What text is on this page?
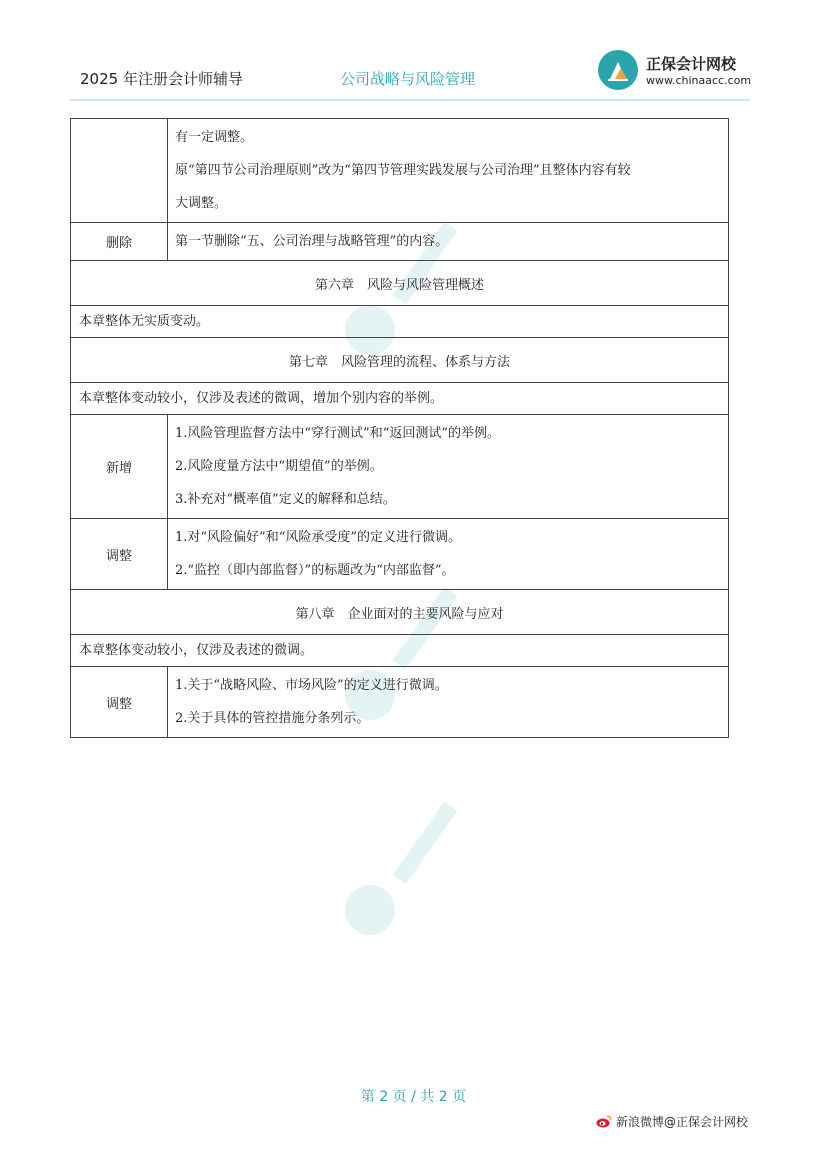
2025 年注册会计师辅导	公司战略与风险管理
正保会计网校
www.chinaacc.com

	有一定调整。
原“第四节公司治理原则”改为“第四节管理实践发展与公司治理”且整体内容有较
大调整。

删除	第一节删除“五、公司治理与战略管理”的内容。

第六章　风险与风险管理概述	
本章整体无实质变动。	
第七章　风险管理的流程、体系与方法	
本章整体变动较小，仅涉及表述的微调，增加个别内容的举例。	
新增	1.风险管理监督方法中“穿行测试”和“返回测试”的举例。
2.风险度量方法中“期望值”的举例。
3.补充对“概率值”定义的解释和总结。

调整	1.对“风险偏好”和“风险承受度”的定义进行微调。
2.“监控（即内部监督）”的标题改为“内部监督”。

第八章　企业面对的主要风险与应对	
本章整体变动较小，仅涉及表述的微调。	
调整	1.关于“战略风险、市场风险”的定义进行微调。
2.关于具体的管控措施分条列示。
第 2 页 / 共 2 页
新浪微博@正保会计网校
